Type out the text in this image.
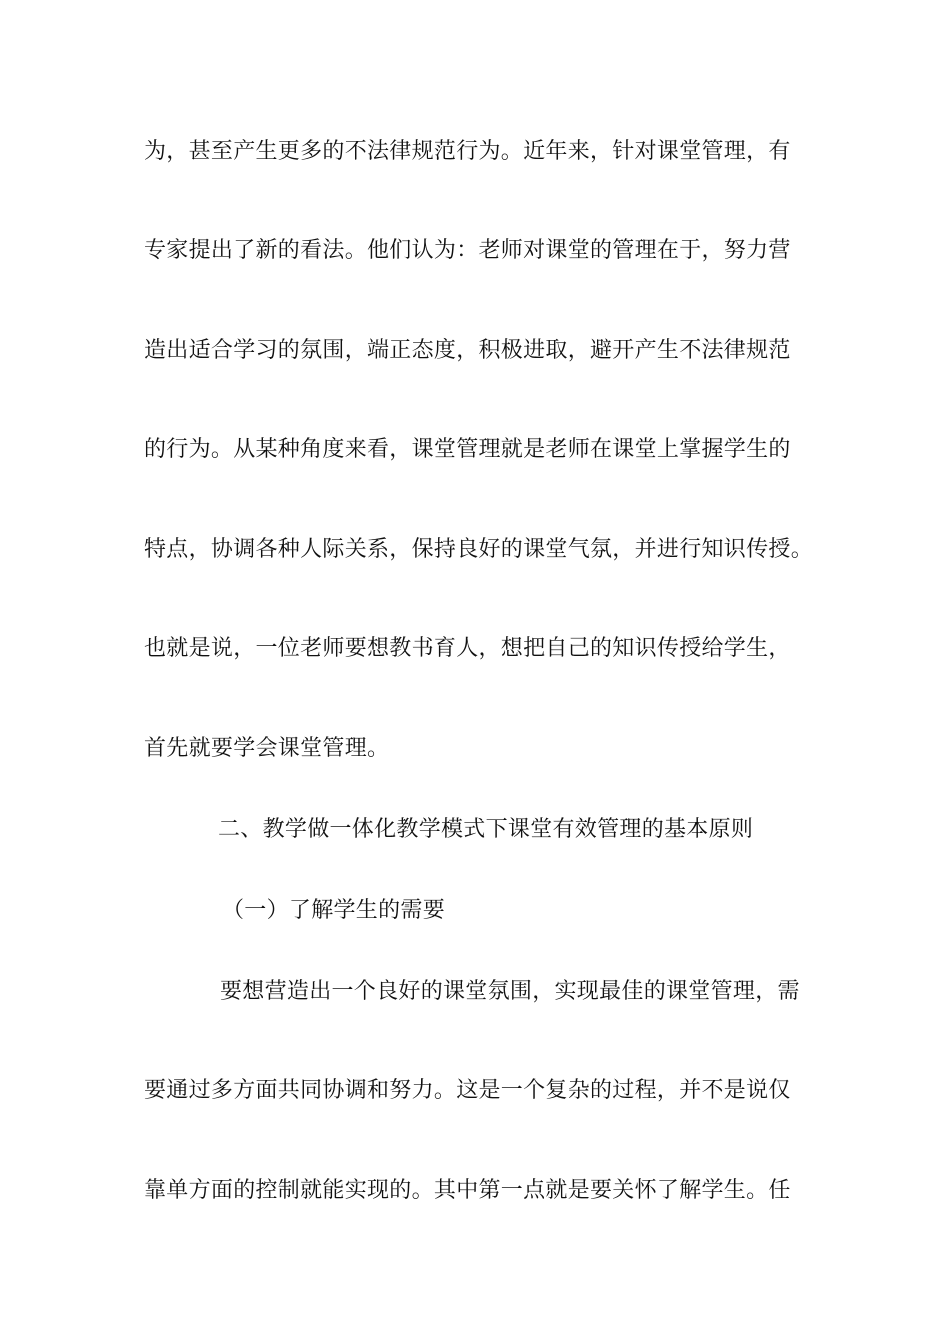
为，甚至产生更多的不法律规范行为。近年来，针对课堂管理，有
专家提出了新的看法。他们认为：老师对课堂的管理在于，努力营
造出适合学习的氛围，端正态度，积极进取，避开产生不法律规范
的行为。从某种角度来看，课堂管理就是老师在课堂上掌握学生的
特点，协调各种人际关系，保持良好的课堂气氛，并进行知识传授。
也就是说，一位老师要想教书育人，想把自己的知识传授给学生，
首先就要学会课堂管理。
二、教学做一体化教学模式下课堂有效管理的基本原则
（一）了解学生的需要
要想营造出一个良好的课堂氛围，实现最佳的课堂管理，需
要通过多方面共同协调和努力。这是一个复杂的过程，并不是说仅
靠单方面的控制就能实现的。其中第一点就是要关怀了解学生。任
